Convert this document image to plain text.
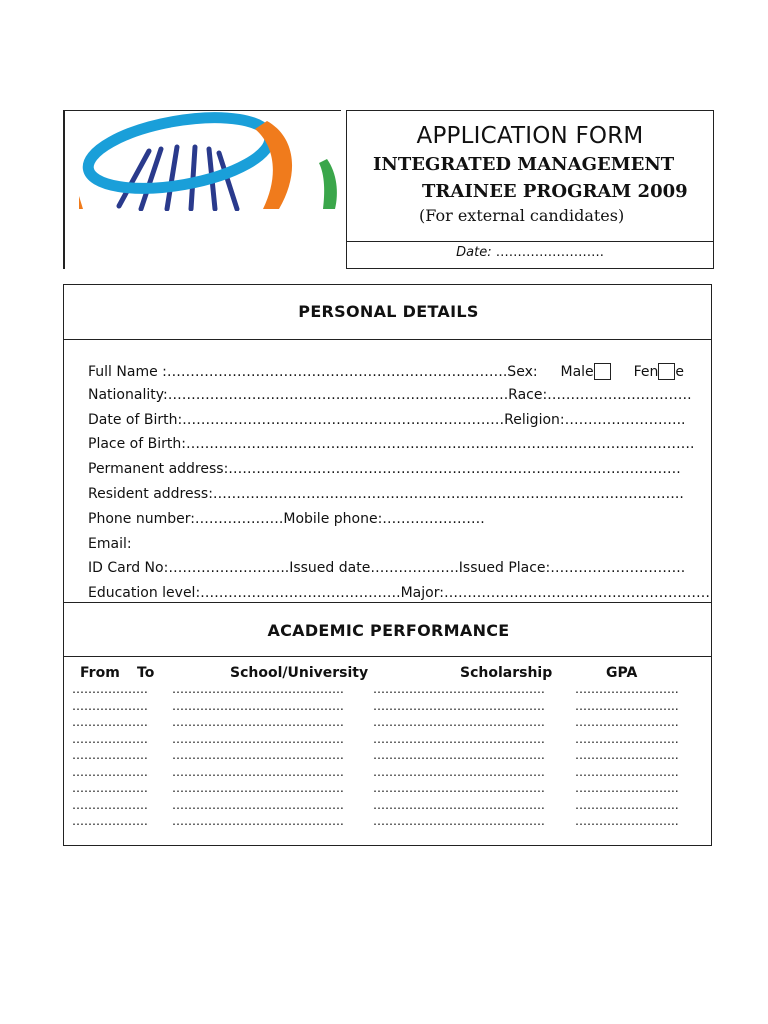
APPLICATION FORM
INTEGRATED MANAGEMENT
TRAINEE PROGRAM 2009
(For external candidates)
Date: …………………….
PERSONAL DETAILS
Full Name :……………………………………………………………….Sex: Male	Fen e
Nationality:……………………………………………………………….Race:………………………….
Date of Birth:……………………………………………………………Religion:……………………..
Place of Birth:……………………………………………………………………………………………….
Permanent address:…………………………………………………………………………………….
Resident address:………………………………………………………………………………………..
Phone number:……………….Mobile phone:………………….
Email:
ID Card No:……………………..Issued date……………….Issued Place:………………………..
Education level:…………………………………….Major:…………………………………………………
ACADEMIC PERFORMANCE
From To	School/University	Scholarship	GPA
………………. ……………………………………. …………………………………….	……………………..
………………. ……………………………………. …………………………………….	……………………..
………………. ……………………………………. …………………………………….	……………………..
………………. ……………………………………. …………………………………….	……………………..
………………. ……………………………………. …………………………………….	……………………..
………………. ……………………………………. …………………………………….	……………………..
………………. ……………………………………. …………………………………….	……………………..
………………. ……………………………………. …………………………………….	……………………..
………………. ……………………………………. …………………………………….	……………………..
